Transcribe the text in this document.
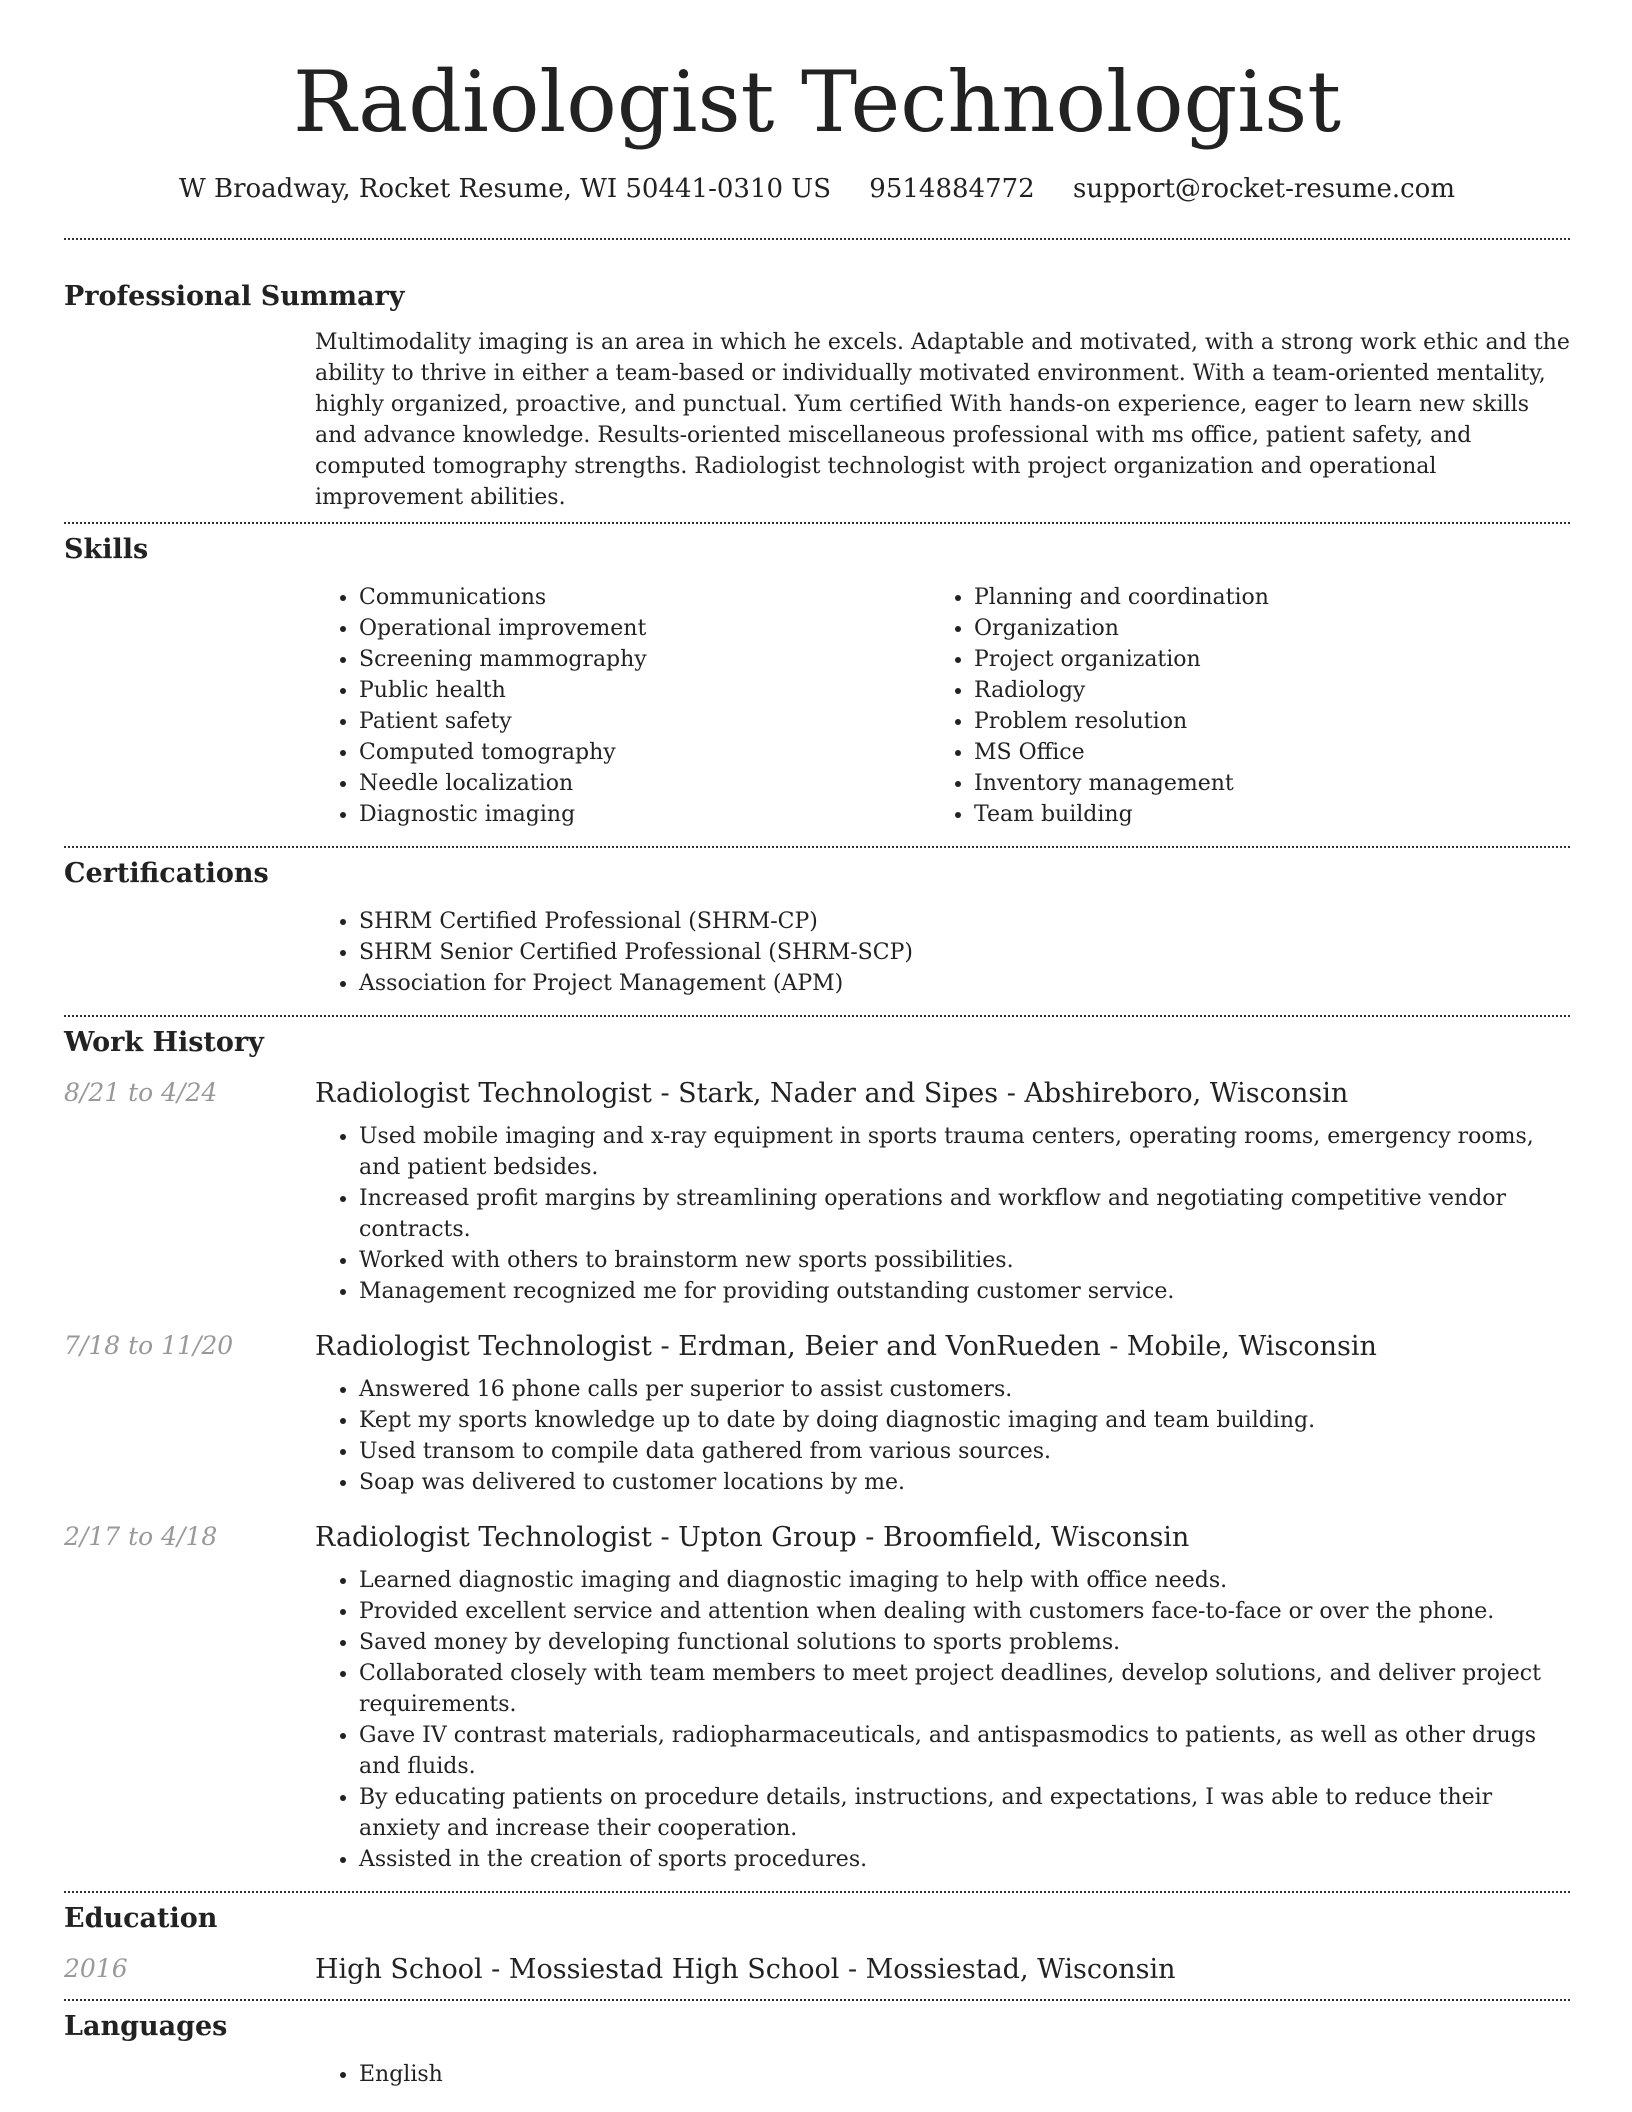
Radiologist Technologist
W Broadway, Rocket Resume, WI 50441-0310 US 9514884772 support@rocket-resume.com
Professional Summary
Multimodality imaging is an area in which he excels. Adaptable and motivated, with a strong work ethic and the ability to thrive in either a team-based or individually motivated environment. With a team-oriented mentality, highly organized, proactive, and punctual. Yum certified With hands-on experience, eager to learn new skills and advance knowledge. Results-oriented miscellaneous professional with ms office, patient safety, and computed tomography strengths. Radiologist technologist with project organization and operational improvement abilities.
Skills
• Communications
• Operational improvement
• Screening mammography
• Public health
• Patient safety
• Computed tomography
• Needle localization
• Diagnostic imaging
• Planning and coordination
• Organization
• Project organization
• Radiology
• Problem resolution
• MS Office
• Inventory management
• Team building
Certifications
• SHRM Certified Professional (SHRM-CP)
• SHRM Senior Certified Professional (SHRM-SCP)
• Association for Project Management (APM)
Work History
8/21 to 4/24	Radiologist Technologist - Stark, Nader and Sipes - Abshireboro, Wisconsin
• Used mobile imaging and x-ray equipment in sports trauma centers, operating rooms, emergency rooms, and patient bedsides.
• Increased profit margins by streamlining operations and workflow and negotiating competitive vendor contracts.
• Worked with others to brainstorm new sports possibilities.
• Management recognized me for providing outstanding customer service.
7/18 to 11/20	Radiologist Technologist - Erdman, Beier and VonRueden - Mobile, Wisconsin
• Answered 16 phone calls per superior to assist customers.
• Kept my sports knowledge up to date by doing diagnostic imaging and team building.
• Used transom to compile data gathered from various sources.
• Soap was delivered to customer locations by me.
2/17 to 4/18	Radiologist Technologist - Upton Group - Broomfield, Wisconsin
• Learned diagnostic imaging and diagnostic imaging to help with office needs.
• Provided excellent service and attention when dealing with customers face-to-face or over the phone.
• Saved money by developing functional solutions to sports problems.
• Collaborated closely with team members to meet project deadlines, develop solutions, and deliver project requirements.
• Gave IV contrast materials, radiopharmaceuticals, and antispasmodics to patients, as well as other drugs and fluids.
• By educating patients on procedure details, instructions, and expectations, I was able to reduce their anxiety and increase their cooperation.
• Assisted in the creation of sports procedures.
Education
2016	High School - Mossiestad High School - Mossiestad, Wisconsin
Languages
• English
